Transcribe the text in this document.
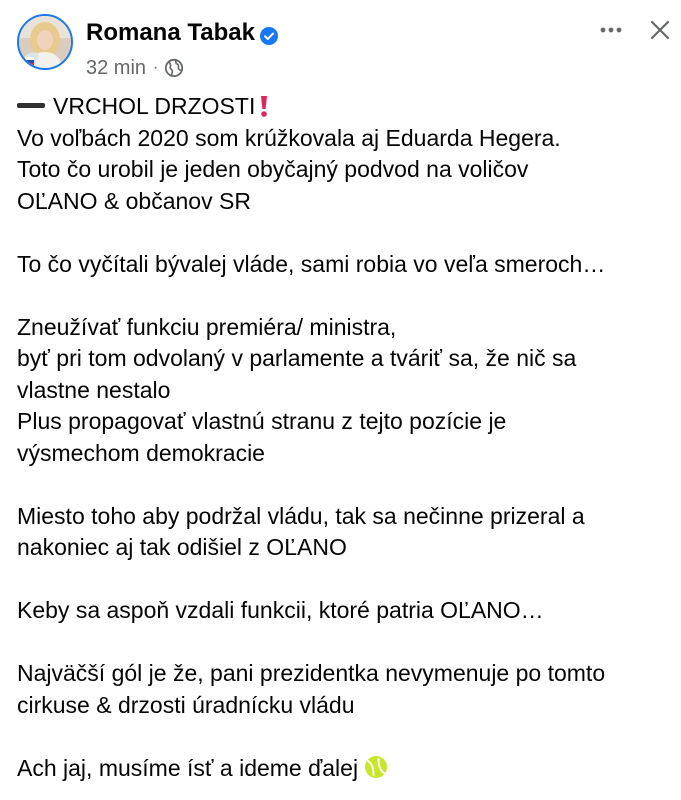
Romana Tabak
32 min ·
VRCHOL DRZOSTI
Vo voľbách 2020 som krúžkovala aj Eduarda Hegera.
Toto čo urobil je jeden obyčajný podvod na voličov
OĽANO & občanov SR
To čo vyčítali bývalej vláde, sami robia vo veľa smeroch…
Zneužívať funkciu premiéra/ ministra,
byť pri tom odvolaný v parlamente a tváriť sa, že nič sa
vlastne nestalo
Plus propagovať vlastnú stranu z tejto pozície je
výsmechom demokracie
Miesto toho aby podržal vládu, tak sa nečinne prizeral a
nakoniec aj tak odišiel z OĽANO
Keby sa aspoň vzdali funkcii, ktoré patria OĽANO…
Najväčší gól je že, pani prezidentka nevymenuje po tomto
cirkuse & drzosti úradnícku vládu
Ach jaj, musíme ísť a ideme ďalej
